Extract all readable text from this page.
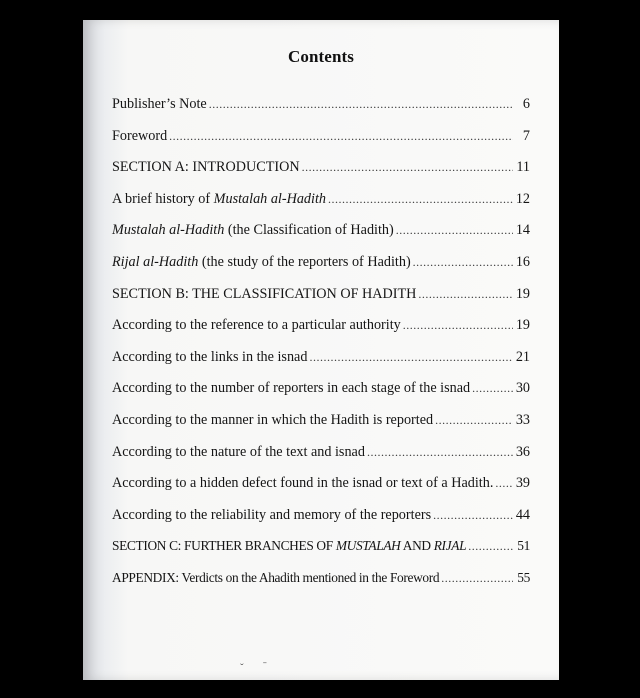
Contents
Publisher’s Note .....	6
Foreword .....	7
SECTION A: INTRODUCTION .....	11
A brief history of Mustalah al-Hadith .....	12
Mustalah al-Hadith (the Classification of Hadith) .....	14
Rijal al-Hadith (the study of the reporters of Hadith) .....	16
SECTION B: THE CLASSIFICATION OF HADITH .....	19
According to the reference to a particular authority .....	19
According to the links in the isnad .....	21
According to the number of reporters in each stage of the isnad .....	30
According to the manner in which the Hadith is reported .....	33
According to the nature of the text and isnad .....	36
According to a hidden defect found in the isnad or text of a Hadith. ..... 39
According to the reliability and memory of the reporters .....	44
SECTION C: FURTHER BRANCHES OF MUSTALAH AND RIJAL .....	51
APPENDIX: Verdicts on the Ahadith mentioned in the Foreword .....	55
ˇ ˉ
